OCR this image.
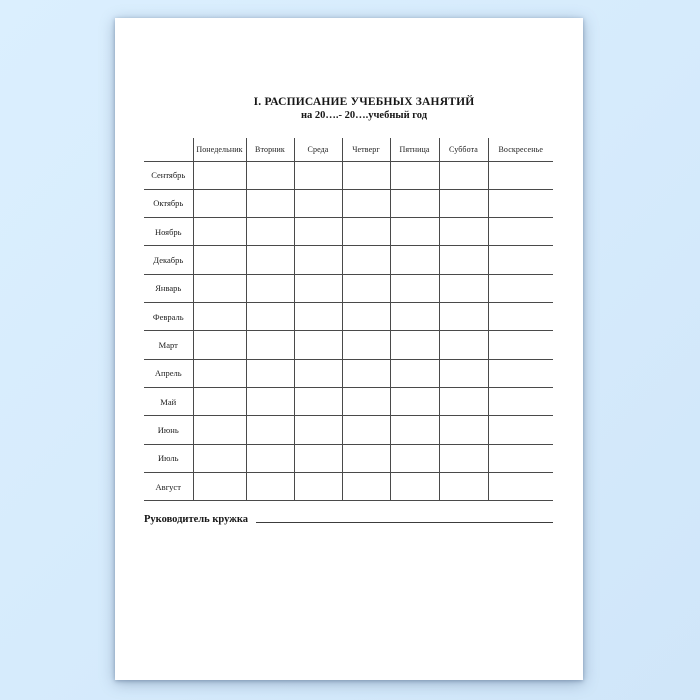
I. РАСПИСАНИЕ УЧЕБНЫХ ЗАНЯТИЙ
на 20….- 20….учебный год
	Понедельник	Вторник	Среда	Четверг	Пятница	Суббота	Воскресенье
Сентябрь							
Октябрь							
Ноябрь							
Декабрь							
Январь							
Февраль							
Март							
Апрель							
Май							
Июнь							
Июль							
Август							
Руководитель кружка
